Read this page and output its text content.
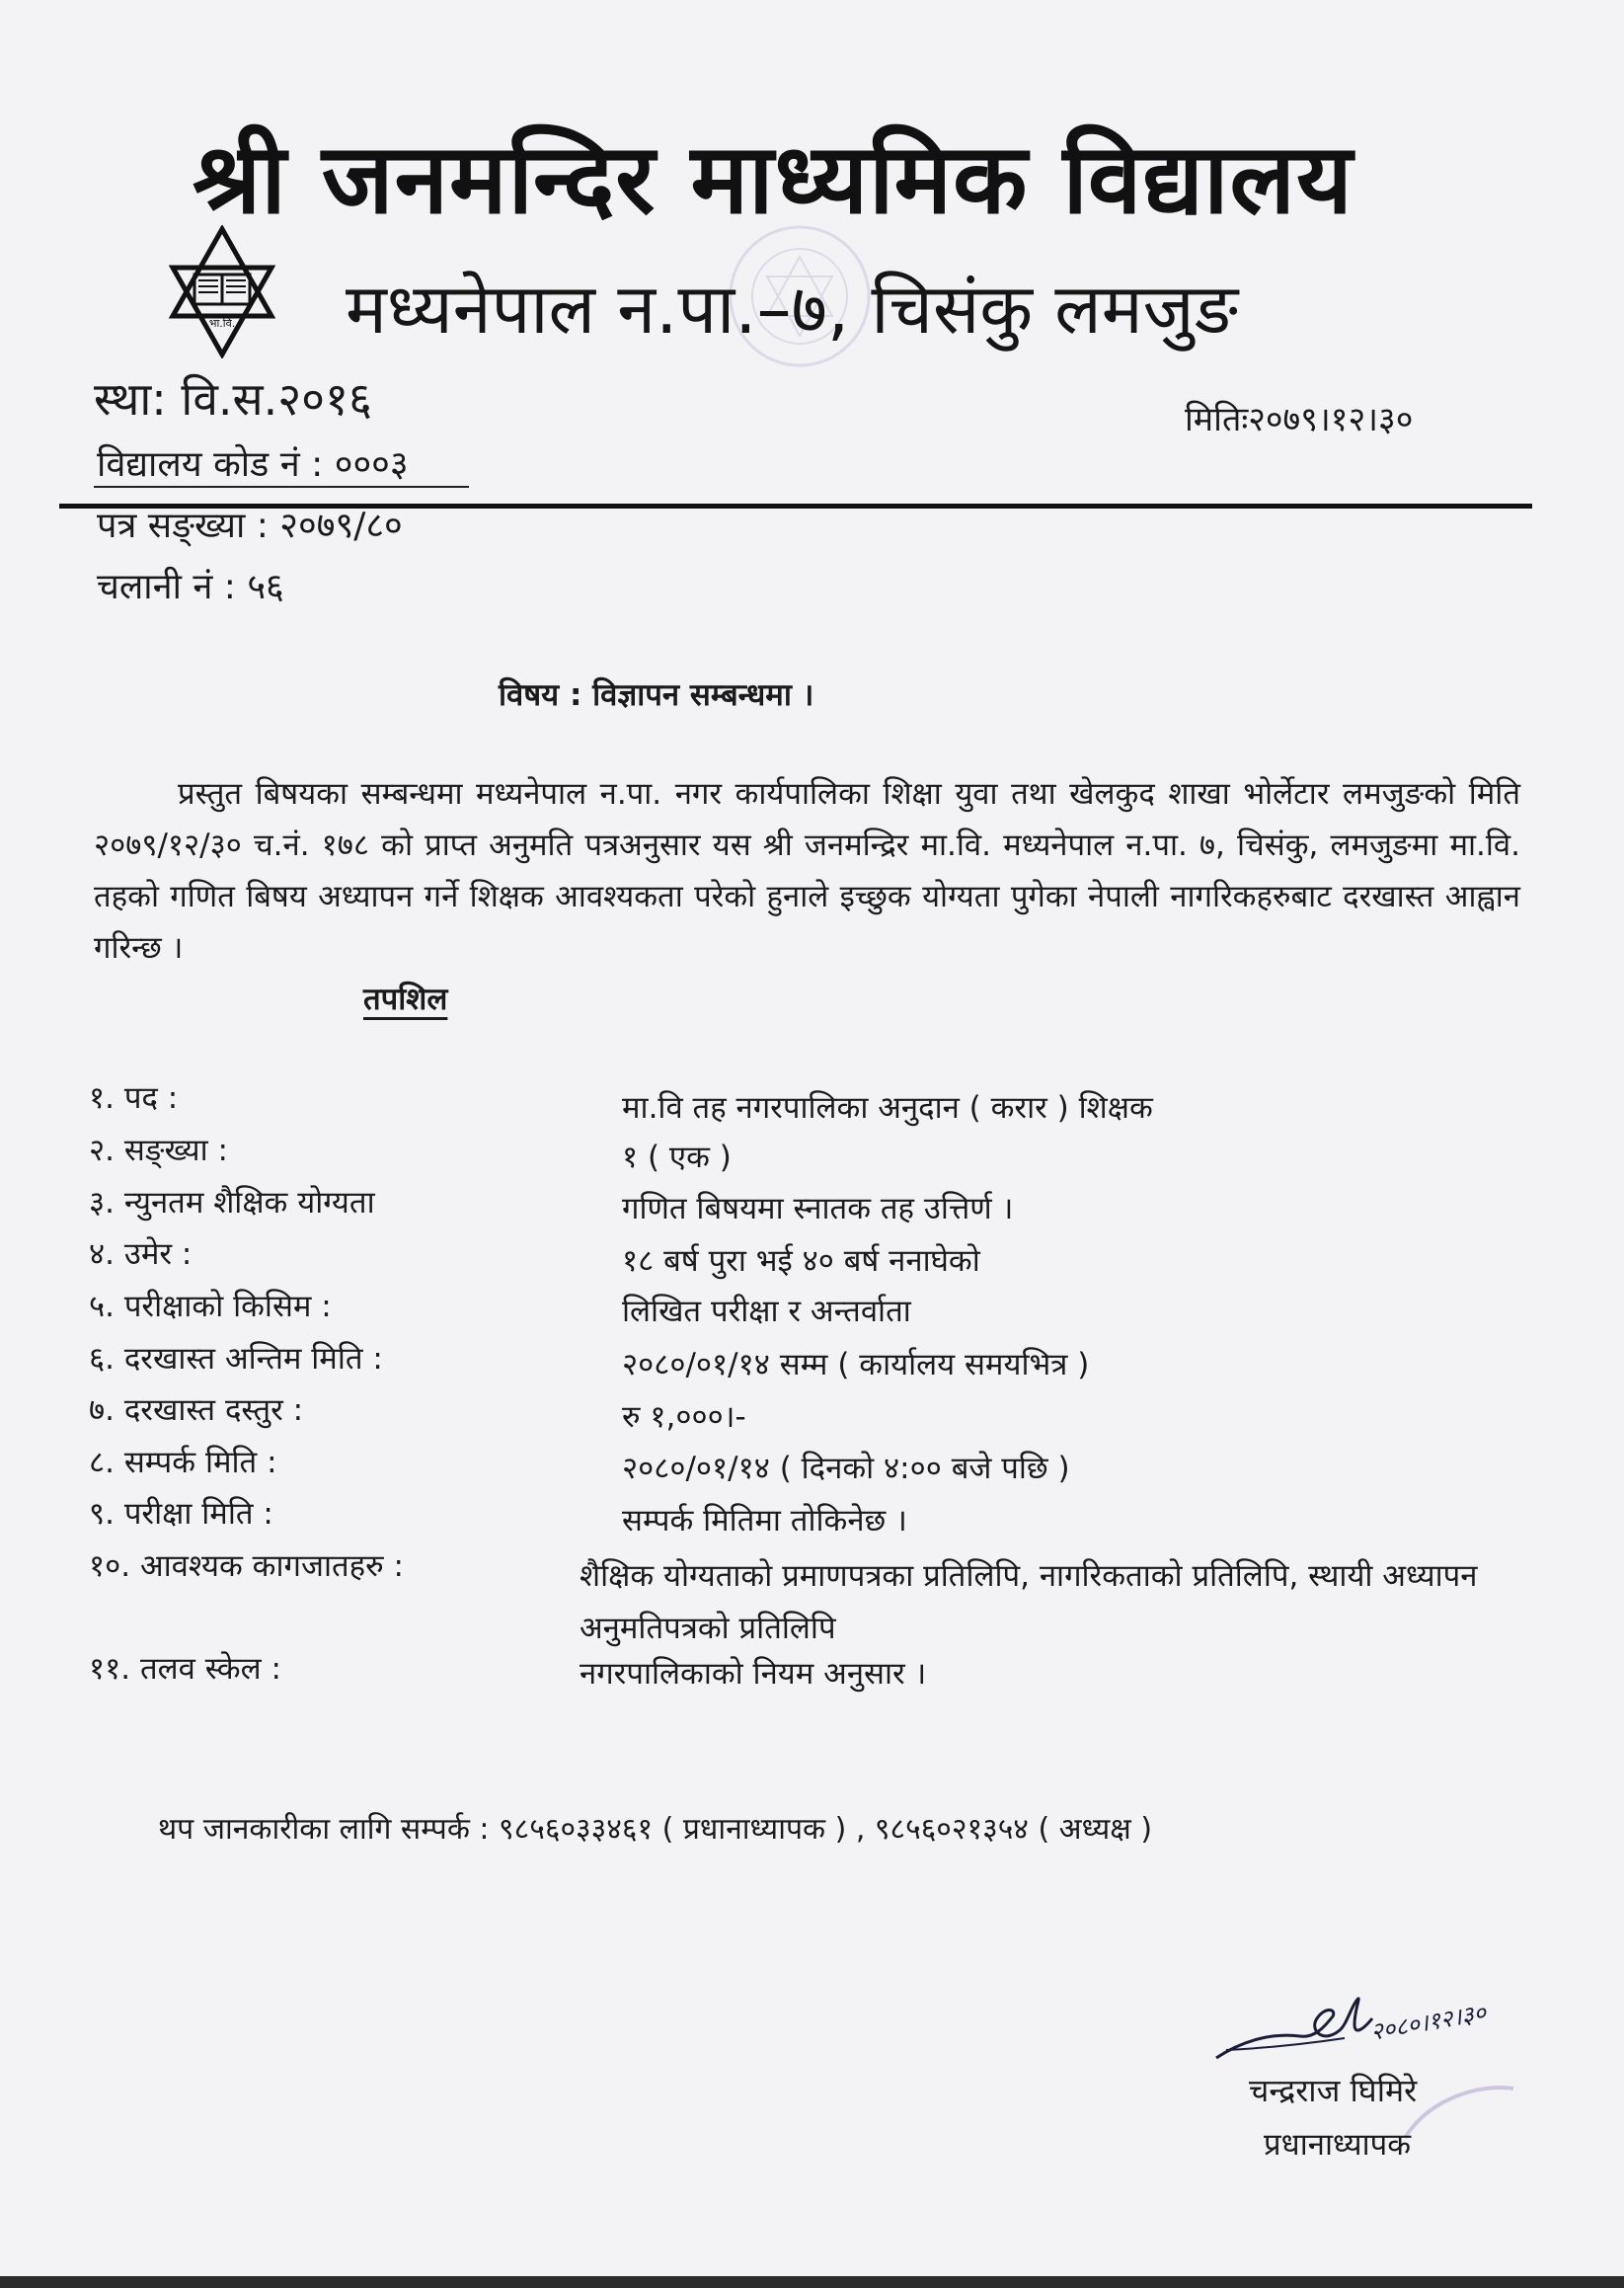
भा.वि.
श्री जनमन्दिर माध्यमिक विद्यालय
मध्यनेपाल न.पा.–७, चिसंकु लमजुङ
स्था: वि.स.२०१६	मितिः२०७९।१२।३०
विद्यालय कोड नं : ०००३
पत्र सङ्ख्या : २०७९/८०
चलानी नं : ५६
विषय : विज्ञापन सम्बन्धमा ।

प्रस्तुत बिषयका सम्बन्धमा मध्यनेपाल न.पा. नगर कार्यपालिका शिक्षा युवा तथा खेलकुद शाखा भोर्लेटार लमजुङको मिति २०७९/१२/३० च.नं. १७८ को प्राप्त अनुमति पत्रअनुसार यस श्री जनमन्द्रिर मा.वि. मध्यनेपाल न.पा. ७, चिसंकु, लमजुङमा मा.वि. तहको गणित बिषय अध्यापन गर्ने शिक्षक आवश्यकता परेको हुनाले इच्छुक योग्यता पुगेका नेपाली नागरिकहरुबाट दरखास्त आह्वान गरिन्छ ।

तपशिल
१. पद :	मा.वि तह नगरपालिका अनुदान ( करार ) शिक्षक
२. सङ्ख्या :	१ ( एक )
३. न्युनतम शैक्षिक योग्यता	गणित बिषयमा स्नातक तह उत्तिर्ण ।
४. उमेर :	१८ बर्ष पुरा भई ४० बर्ष ननाघेको
५. परीक्षाको किसिम :	लिखित परीक्षा र अन्तर्वाता
६. दरखास्त अन्तिम मिति :	२०८०/०१/१४ सम्म ( कार्यालय समयभित्र )
७. दरखास्त दस्तुर :	रु १,०००।-
८. सम्पर्क मिति :	२०८०/०१/१४ ( दिनको ४:०० बजे पछि )
९. परीक्षा मिति :	सम्पर्क मितिमा तोकिनेछ ।
१०. आवश्यक कागजातहरु :	शैक्षिक योग्यताको प्रमाणपत्रका प्रतिलिपि, नागरिकताको प्रतिलिपि, स्थायी अध्यापन अनुमतिपत्रको प्रतिलिपि
११. तलव स्केल :	नगरपालिकाको नियम अनुसार ।
थप जानकारीका लागि सम्पर्क : ९८५६०३३४६१ ( प्रधानाध्यापक ) , ९८५६०२१३५४ ( अध्यक्ष )
२०८०।१२।३०
चन्द्रराज घिमिरे
प्रधानाध्यापक
